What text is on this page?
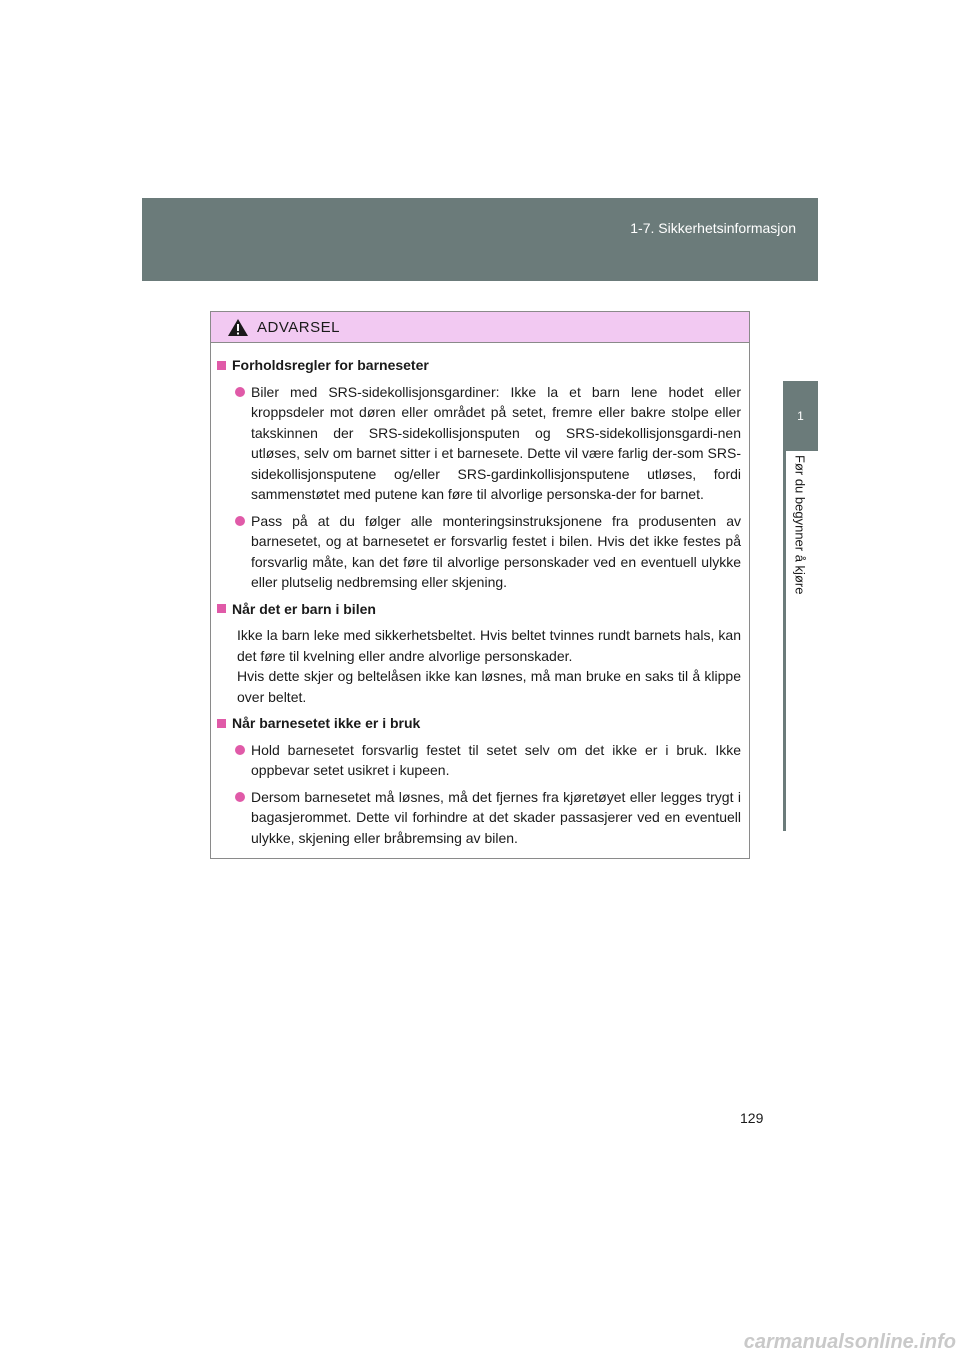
1-7. Sikkerhetsinformasjon
1
Før du begynner å kjøre
ADVARSEL
Forholdsregler for barneseter
Biler med SRS-sidekollisjonsgardiner: Ikke la et barn lene hodet eller kroppsdeler mot døren eller området på setet, fremre eller bakre stolpe eller takskinnen der SRS-sidekollisjonsputen og SRS-sidekollisjonsgardi-nen utløses, selv om barnet sitter i et barnesete. Dette vil være farlig der-som SRS-sidekollisjonsputene og/eller SRS-gardinkollisjonsputene utløses, fordi sammenstøtet med putene kan føre til alvorlige personska-der for barnet.
Pass på at du følger alle monteringsinstruksjonene fra produsenten av barnesetet, og at barnesetet er forsvarlig festet i bilen. Hvis det ikke festes på forsvarlig måte, kan det føre til alvorlige personskader ved en eventuell ulykke eller plutselig nedbremsing eller skjening.
Når det er barn i bilen
Ikke la barn leke med sikkerhetsbeltet. Hvis beltet tvinnes rundt barnets hals, kan det føre til kvelning eller andre alvorlige personskader.
Hvis dette skjer og beltelåsen ikke kan løsnes, må man bruke en saks til å klippe over beltet.
Når barnesetet ikke er i bruk
Hold barnesetet forsvarlig festet til setet selv om det ikke er i bruk. Ikke oppbevar setet usikret i kupeen.
Dersom barnesetet må løsnes, må det fjernes fra kjøretøyet eller legges trygt i bagasjerommet. Dette vil forhindre at det skader passasjerer ved en eventuell ulykke, skjening eller bråbremsing av bilen.
129
carmanualsonline.info
